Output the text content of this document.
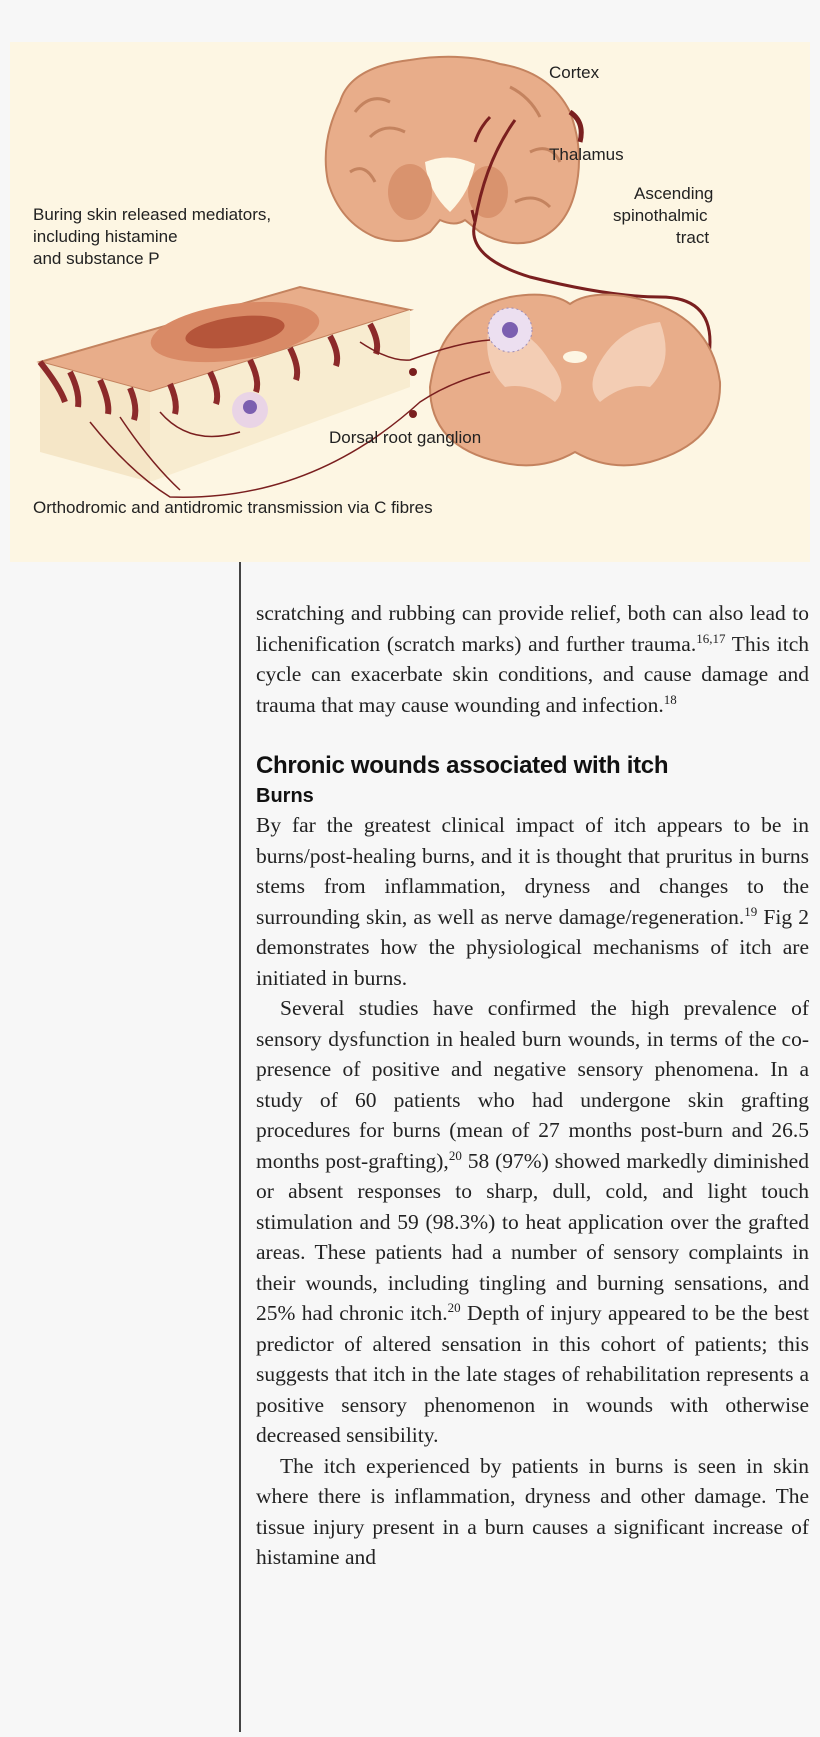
Cortex
Thalamus
Ascending
spinothalmic
tract
Buring skin released mediators,
including histamine
and substance P
Dorsal root ganglion
Orthodromic and antidromic transmission via C fibres

scratching and rubbing can provide relief, both can also lead to lichenification (scratch marks) and further trauma.$^{16,17}$ This itch cycle can exacerbate skin conditions, and cause damage and trauma that may cause wounding and infection.$^{18}$

Chronic wounds associated with itch
Burns

By far the greatest clinical impact of itch appears to be in burns/post-healing burns, and it is thought that pruritus in burns stems from inflammation, dryness and changes to the surrounding skin, as well as nerve damage/regeneration.$^{19}$ Fig 2 demonstrates how the physiological mechanisms of itch are initiated in burns.

Several studies have confirmed the high prevalence of sensory dysfunction in healed burn wounds, in terms of the co-presence of positive and negative sensory phenomena. In a study of 60 patients who had undergone skin grafting procedures for burns (mean of 27 months post-burn and 26.5 months post-grafting),$^{20}$ 58 (97%) showed markedly diminished or absent responses to sharp, dull, cold, and light touch stimulation and 59 (98.3%) to heat application over the grafted areas. These patients had a number of sensory complaints in their wounds, including tingling and burning sensations, and 25% had chronic itch.$^{20}$ Depth of injury appeared to be the best predictor of altered sensation in this cohort of patients; this suggests that itch in the late stages of rehabilitation represents a positive sensory phenomenon in wounds with otherwise decreased sensibility.

The itch experienced by patients in burns is seen in skin where there is inflammation, dryness and other damage. The tissue injury present in a burn causes a significant increase of histamine and
